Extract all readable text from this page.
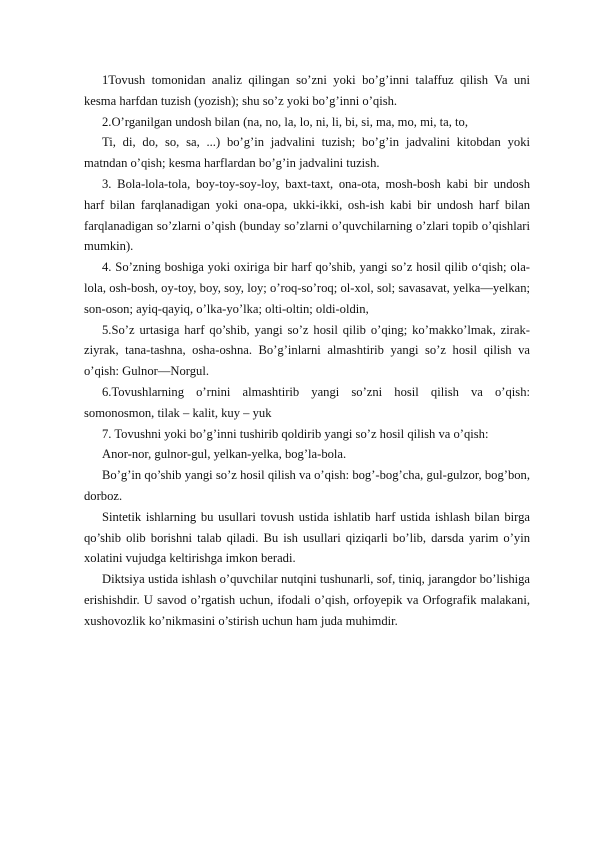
1Tovush tomonidan analiz qilingan so’zni yoki bo’g’inni talaffuz qilish Va uni kesma harfdan tuzish (yozish); shu so’z yoki bo’g’inni o’qish.

2.O’rganilgan undosh bilan (na, no, la, lo, ni, li, bi, si, ma, mo, mi, ta, to,

Ti, di, do, so, sa, ...) bo’g’in jadvalini tuzish; bo’g’in jadvalini kitobdan yoki matndan o’qish; kesma harflardan bo’g’in jadvalini tuzish.

3. Bola-lola-tola, boy-toy-soy-loy, baxt-taxt, ona-ota, mosh-bosh kabi bir undosh harf bilan farqlanadigan yoki ona-opa, ukki-ikki, osh-ish kabi bir undosh harf bilan farqlanadigan so’zlarni o’qish (bunday so’zlarni o’quvchilarning o’zlari topib o’qishlari mumkin).

4. So’zning boshiga yoki oxiriga bir harf qo’shib, yangi so’z hosil qilib o‘qish; ola-lola, osh-bosh, oy-toy, boy, soy, loy; o’roq-so’roq; ol-xol, sol; savasavat, yelka—yelkan; son-oson; ayiq-qayiq, o’lka-yo’lka; olti-oltin; oldi-oldin,

5.So’z urtasiga harf qo’shib, yangi so’z hosil qilib o’qing; ko’makko’lmak, zirak-ziyrak, tana-tashna, osha-oshna. Bo’g’inlarni almashtirib yangi so’z hosil qilish va o’qish: Gulnor—Norgul.

6.Tovushlarning o’rnini almashtirib yangi so’zni hosil qilish va o’qish: somonosmon, tilak – kalit, kuy – yuk

7. Tovushni yoki bo’g’inni tushirib qoldirib yangi so’z hosil qilish va o’qish:

Anor-nor, gulnor-gul, yelkan-yelka, bog’la-bola.

Bo’g’in qo’shib yangi so’z hosil qilish va o’qish: bog’-bog’cha, gul-gulzor, bog’bon, dorboz.

Sintetik ishlarning bu usullari tovush ustida ishlatib harf ustida ishlash bilan birga qo’shib olib borishni talab qiladi. Bu ish usullari qiziqarli bo’lib, darsda yarim o’yin xolatini vujudga keltirishga imkon beradi.

Diktsiya ustida ishlash o’quvchilar nutqini tushunarli, sof, tiniq, jarangdor bo’lishiga erishishdir. U savod o’rgatish uchun, ifodali o’qish, orfoyepik va Orfografik malakani, xushovozlik ko’nikmasini o’stirish uchun ham juda muhimdir.
